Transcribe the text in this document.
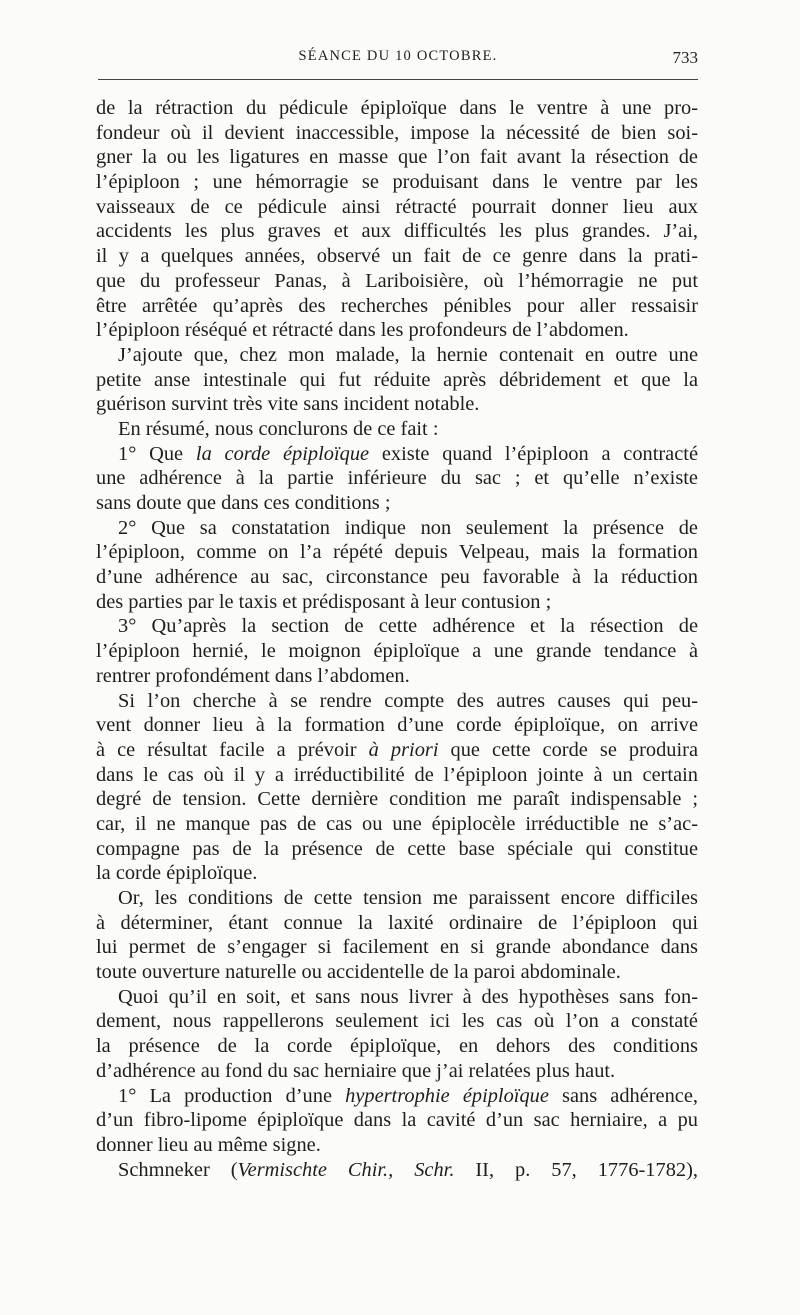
SÉANCE DU 10 OCTOBRE.	733
de la rétraction du pédicule épiploïque dans le ventre à une pro-
fondeur où il devient inaccessible, impose la nécessité de bien soi-
gner la ou les ligatures en masse que l’on fait avant la résection de
l’épiploon ; une hémorragie se produisant dans le ventre par les
vaisseaux de ce pédicule ainsi rétracté pourrait donner lieu aux
accidents les plus graves et aux difficultés les plus grandes. J’ai,
il y a quelques années, observé un fait de ce genre dans la prati-
que du professeur Panas, à Lariboisière, où l’hémorragie ne put
être arrêtée qu’après des recherches pénibles pour aller ressaisir
l’épiploon réséqué et rétracté dans les profondeurs de l’abdomen.
J’ajoute que, chez mon malade, la hernie contenait en outre une
petite anse intestinale qui fut réduite après débridement et que la
guérison survint très vite sans incident notable.
En résumé, nous conclurons de ce fait :
1° Que la corde épiploïque existe quand l’épiploon a contracté
une adhérence à la partie inférieure du sac ; et qu’elle n’existe
sans doute que dans ces conditions ;
2° Que sa constatation indique non seulement la présence de
l’épiploon, comme on l’a répété depuis Velpeau, mais la formation
d’une adhérence au sac, circonstance peu favorable à la réduction
des parties par le taxis et prédisposant à leur contusion ;
3° Qu’après la section de cette adhérence et la résection de
l’épiploon hernié, le moignon épiploïque a une grande tendance à
rentrer profondément dans l’abdomen.
Si l’on cherche à se rendre compte des autres causes qui peu-
vent donner lieu à la formation d’une corde épiploïque, on arrive
à ce résultat facile a prévoir à priori que cette corde se produira
dans le cas où il y a irréductibilité de l’épiploon jointe à un certain
degré de tension. Cette dernière condition me paraît indispensable ;
car, il ne manque pas de cas ou une épiplocèle irréductible ne s’ac-
compagne pas de la présence de cette base spéciale qui constitue
la corde épiploïque.
Or, les conditions de cette tension me paraissent encore difficiles
à déterminer, étant connue la laxité ordinaire de l’épiploon qui
lui permet de s’engager si facilement en si grande abondance dans
toute ouverture naturelle ou accidentelle de la paroi abdominale.
Quoi qu’il en soit, et sans nous livrer à des hypothèses sans fon-
dement, nous rappellerons seulement ici les cas où l’on a constaté
la présence de la corde épiploïque, en dehors des conditions
d’adhérence au fond du sac herniaire que j’ai relatées plus haut.
1° La production d’une hypertrophie épiploïque sans adhérence,
d’un fibro-lipome épiploïque dans la cavité d’un sac herniaire, a pu
donner lieu au même signe.
Schmneker (Vermischte Chir., Schr. II, p. 57, 1776-1782),
